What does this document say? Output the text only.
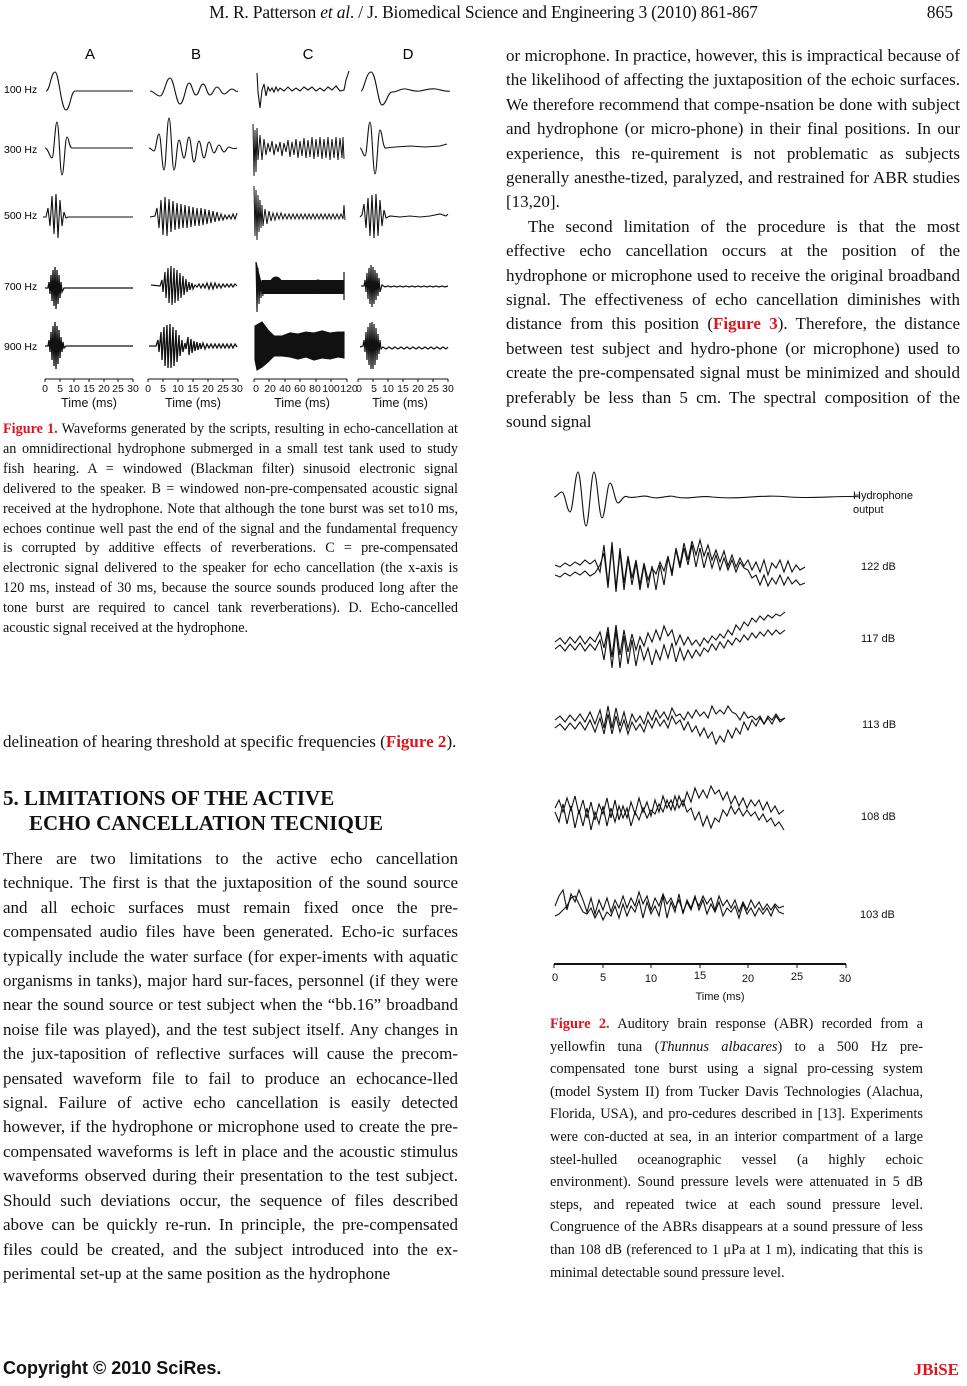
M. R. Patterson et al. / J. Biomedical Science and Engineering 3 (2010) 861-867	865
A	B	C	D
100 Hz
300 Hz
500 Hz
700 Hz
900 Hz
0 5 10 15 20 25 30 0 5 10 15 20 25 30 0 20 40 60 80 100 120
0 5 10 15 20 25 30
Time (ms)	Time (ms)	Time (ms)	Time (ms)
Figure 1. Waveforms generated by the scripts, resulting in echo-cancellation at an omnidirectional hydrophone submerged in a small test tank used to study fish hearing. A = windowed (Blackman filter) sinusoid electronic signal delivered to the speaker. B = windowed non-pre-compensated acoustic signal received at the hydrophone. Note that although the tone burst was set to10 ms, echoes continue well past the end of the signal and the fundamental frequency is corrupted by additive effects of reverberations. C = pre-compensated electronic signal delivered to the speaker for echo cancellation (the x-axis is 120 ms, instead of 30 ms, because the source sounds produced long after the tone burst are required to cancel tank reverberations). D. Echo-cancelled acoustic signal received at the hydrophone.

delineation of hearing threshold at specific frequencies (Figure 2).

5. LIMITATIONS OF THE ACTIVE
ECHO CANCELLATION TECNIQUE

There are two limitations to the active echo cancellation technique. The first is that the juxtaposition of the sound source and all echoic surfaces must remain fixed once the pre-compensated audio files have been generated. Echo-ic surfaces typically include the water surface (for exper-iments with aquatic organisms in tanks), major hard sur-faces, personnel (if they were near the sound source or test subject when the “bb.16” broadband noise file was played), and the test subject itself. Any changes in the jux-taposition of reflective surfaces will cause the precom-pensated waveform file to fail to produce an echocance-lled signal. Failure of active echo cancellation is easily detected however, if the hydrophone or microphone used to create the pre-compensated waveforms is left in place and the acoustic stimulus waveforms observed during their presentation to the test subject. Should such deviations occur, the sequence of files described above can be quickly re-run. In principle, the pre-compensated files could be created, and the subject introduced into the ex-perimental set-up at the same position as the hydrophone

or microphone. In practice, however, this is impractical because of the likelihood of affecting the juxtaposition of the echoic surfaces. We therefore recommend that compe-nsation be done with subject and hydrophone (or micro-phone) in their final positions. In our experience, this re-quirement is not problematic as subjects generally anesthe-tized, paralyzed, and restrained for ABR studies [13,20].

The second limitation of the procedure is that the most effective echo cancellation occurs at the position of the hydrophone or microphone used to receive the original broadband signal. The effectiveness of echo cancellation diminishes with distance from this position (Figure 3). Therefore, the distance between test subject and hydro-phone (or microphone) used to create the pre-compensated signal must be minimized and should preferably be less than 5 cm. The spectral composition of the sound signal

0	5	10	15	20	25	30
Time (ms)
Hydrophone
output
122 dB
117 dB
113 dB
108 dB
103 dB
Figure 2. Auditory brain response (ABR) recorded from a yellowfin tuna (Thunnus albacares) to a 500 Hz pre-compensated tone burst using a signal pro-cessing system (model System II) from Tucker Davis Technologies (Alachua, Florida, USA), and pro-cedures described in [13]. Experiments were con-ducted at sea, in an interior compartment of a large steel-hulled oceanographic vessel (a highly echoic environment). Sound pressure levels were attenuated in 5 dB steps, and repeated twice at each sound pressure level. Congruence of the ABRs disappears at a sound pressure of less than 108 dB (referenced to 1 μPa at 1 m), indicating that this is minimal detectable sound pressure level.
Copyright © 2010 SciRes.	JBiSE
